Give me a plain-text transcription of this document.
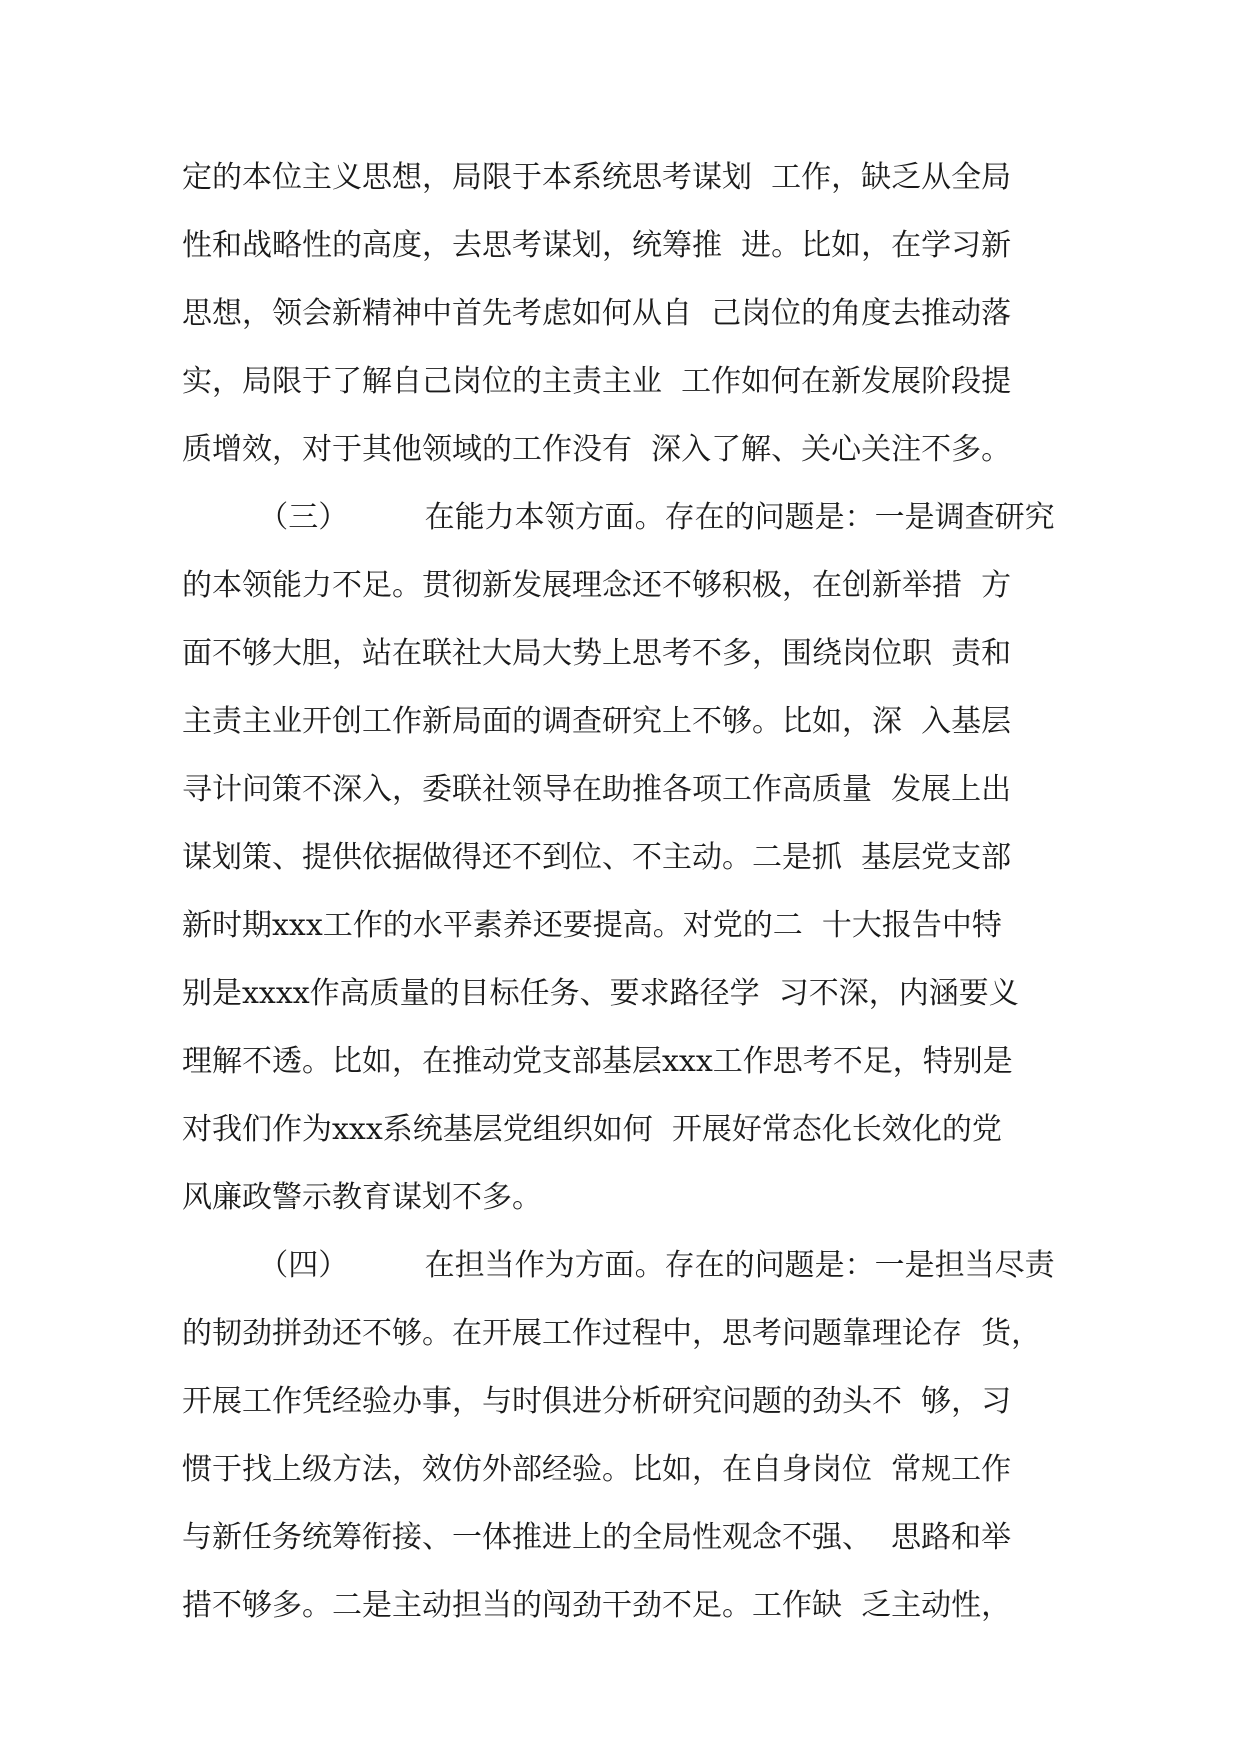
定的本位主义思想，局限于本系统思考谋划  工作，缺乏从全局
性和战略性的高度，去思考谋划，统筹推  进。比如，在学习新
思想，领会新精神中首先考虑如何从自  己岗位的角度去推动落
实，局限于了解自己岗位的主责主业  工作如何在新发展阶段提
质增效，对于其他领域的工作没有  深入了解、关心关注不多。
（三）        在能力本领方面。存在的问题是：一是调查研究
的本领能力不足。贯彻新发展理念还不够积极，在创新举措  方
面不够大胆，站在联社大局大势上思考不多，围绕岗位职  责和
主责主业开创工作新局面的调查研究上不够。比如，深  入基层
寻计问策不深入，委联社领导在助推各项工作高质量  发展上出
谋划策、提供依据做得还不到位、不主动。二是抓  基层党支部
新时期xxx工作的水平素养还要提高。对党的二  十大报告中特
别是xxxx作高质量的目标任务、要求路径学  习不深，内涵要义
理解不透。比如，在推动党支部基层xxx工作思考不足，特别是
对我们作为xxx系统基层党组织如何  开展好常态化长效化的党
风廉政警示教育谋划不多。
（四）        在担当作为方面。存在的问题是：一是担当尽责
的韧劲拼劲还不够。在开展工作过程中，思考问题靠理论存  货，
开展工作凭经验办事，与时俱进分析研究问题的劲头不  够，习
惯于找上级方法，效仿外部经验。比如，在自身岗位  常规工作
与新任务统筹衔接、一体推进上的全局性观念不强、  思路和举
措不够多。二是主动担当的闯劲干劲不足。工作缺  乏主动性，
